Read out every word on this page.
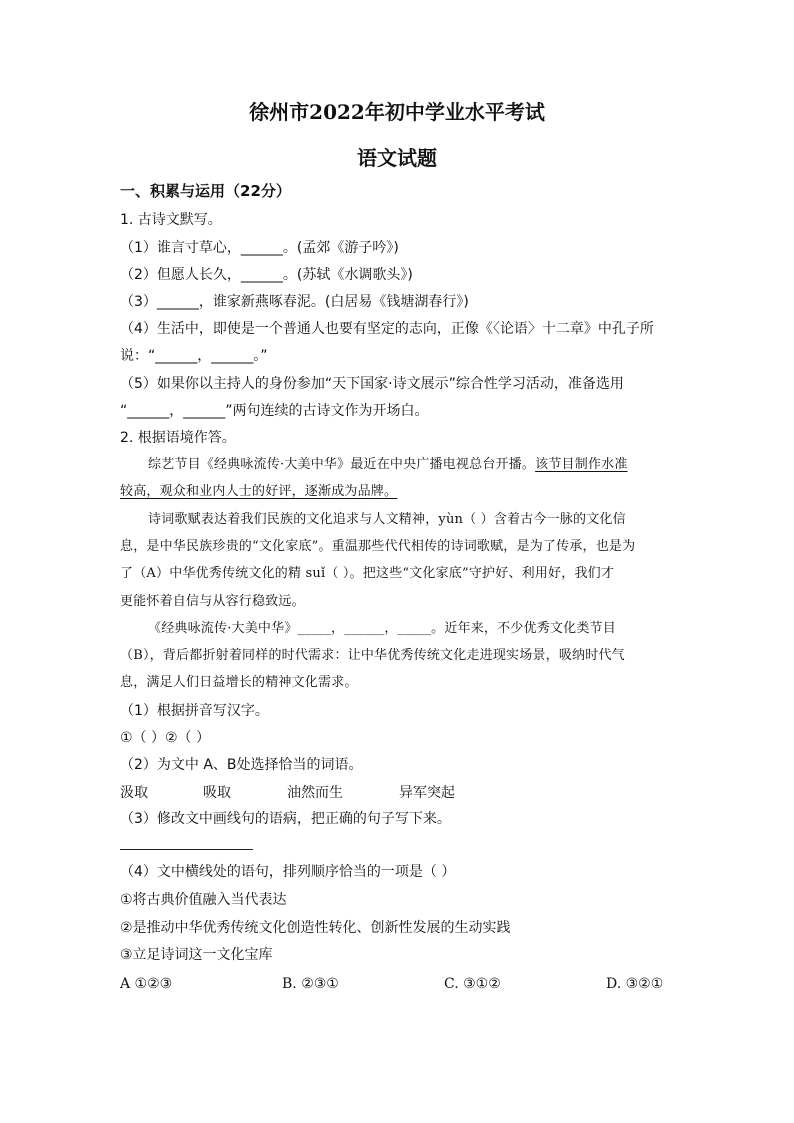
徐州市2022年初中学业水平考试
语文试题
一、积累与运用（22分）
1. 古诗文默写。
（1）谁言寸草心，______。(孟郊《游子吟》)
（2）但愿人长久，______。(苏轼《水调歌头》)
（3）______，谁家新燕啄春泥。(白居易《钱塘湖春行》)
（4）生活中，即使是一个普通人也要有坚定的志向，正像《〈论语〉十二章》中孔子所
说：“______，______。”
（5）如果你以主持人的身份参加“天下国家·诗文展示”综合性学习活动，准备选用
“______，______”两句连续的古诗文作为开场白。
2. 根据语境作答。
综艺节目《经典咏流传·大美中华》最近在中央广播电视总台开播。该节目制作水准
较高，观众和业内人士的好评，逐渐成为品牌。
诗词歌赋表达着我们民族的文化追求与人文精神，yùn（ ）含着古今一脉的文化信
息，是中华民族珍贵的“文化家底”。重温那些代代相传的诗词歌赋，是为了传承，也是为
了（A）中华优秀传统文化的精 suǐ（ ）。把这些“文化家底”守护好、利用好，我们才
更能怀着自信与从容行稳致远。
《经典咏流传·大美中华》_____，______，_____。近年来，不少优秀文化类节目
（B），背后都折射着同样的时代需求：让中华优秀传统文化走进现实场景，吸纳时代气
息，满足人们日益增长的精神文化需求。
（1）根据拼音写汉字。
①（ ）②（ ）
（2）为文中 A、B处选择恰当的词语。
汲取	吸取	油然而生	异军突起
（3）修改文中画线句的语病，把正确的句子写下来。
（4）文中横线处的语句，排列顺序恰当的一项是（ ）
①将古典价值融入当代表达
②是推动中华优秀传统文化创造性转化、创新性发展的生动实践
③立足诗词这一文化宝库
A ①②③	B. ②③①	C. ③①②	D. ③②①
